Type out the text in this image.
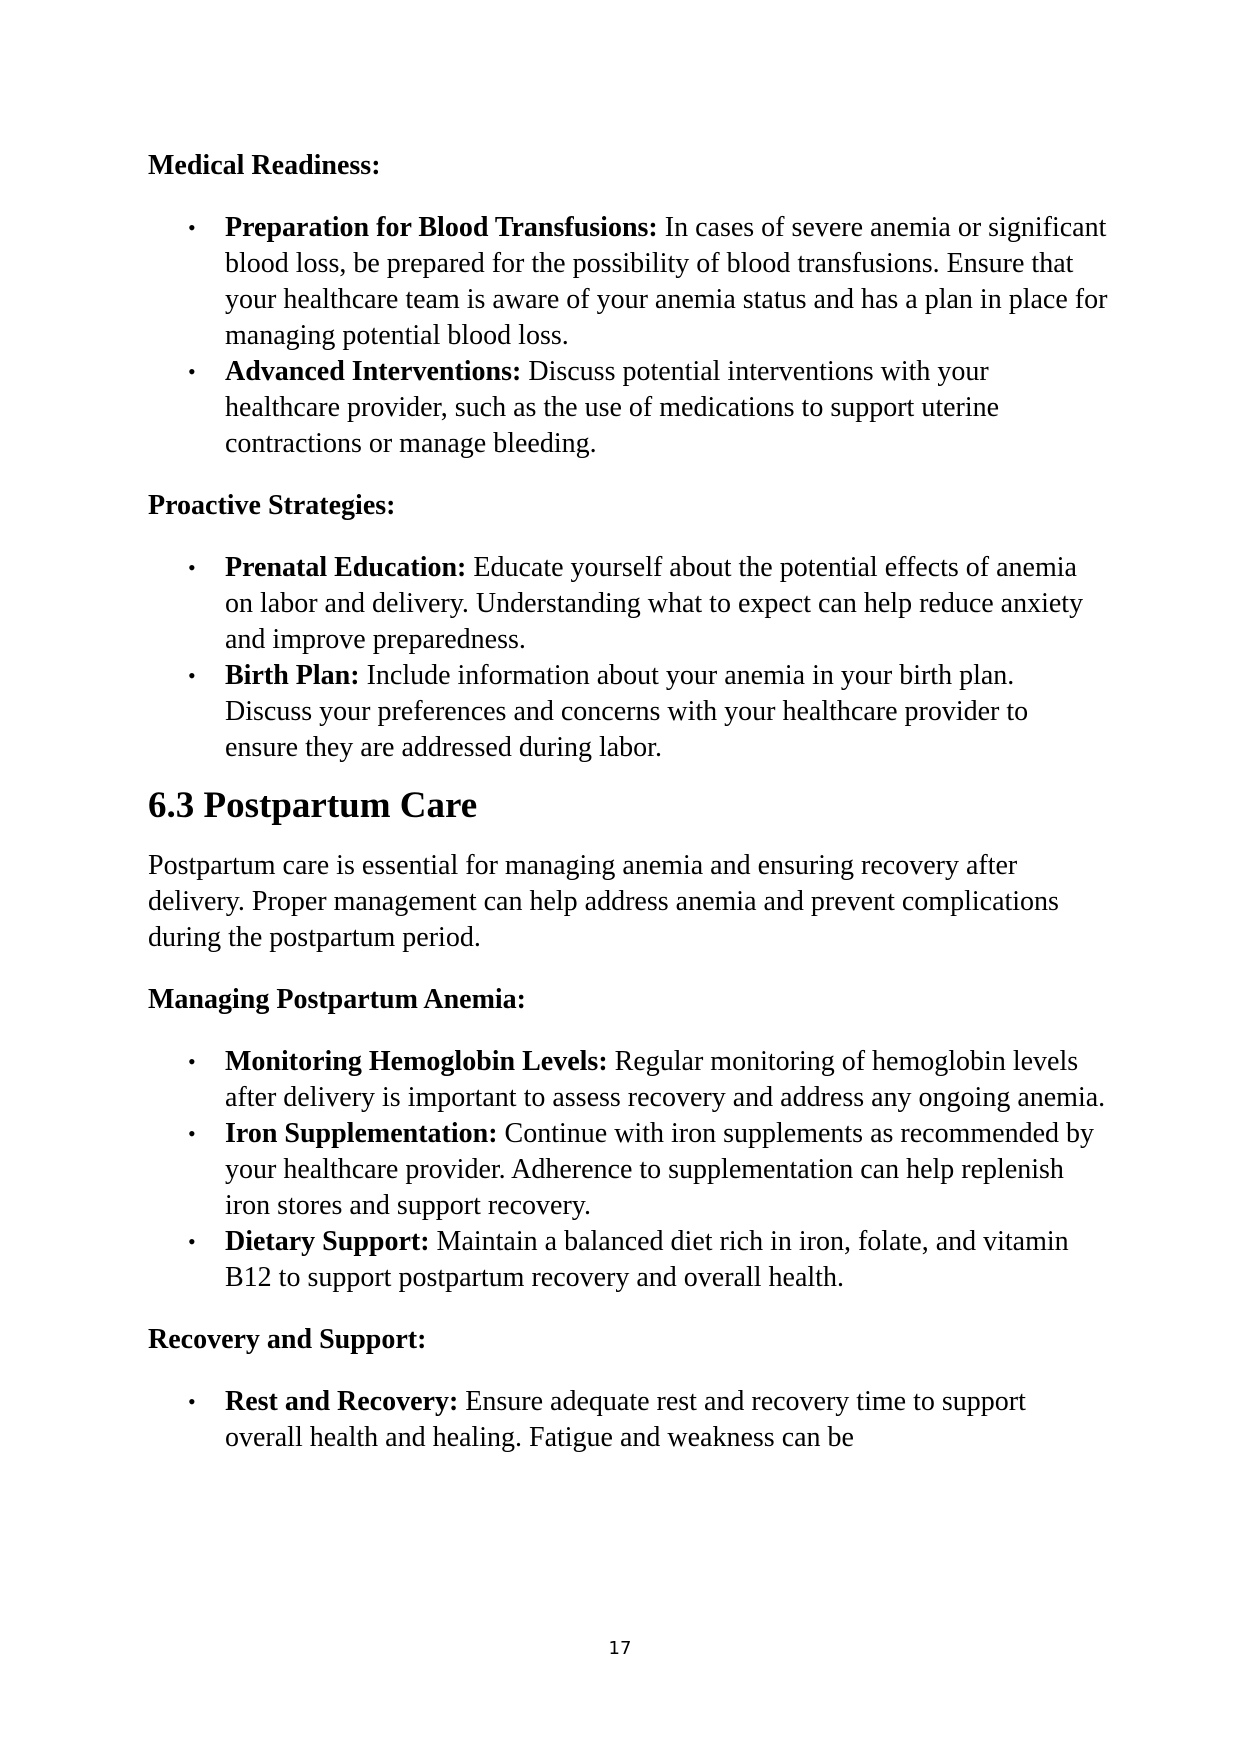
Medical Readiness:

• Preparation for Blood Transfusions: In cases of severe anemia or significant blood loss, be prepared for the possibility of blood transfusions. Ensure that your healthcare team is aware of your anemia status and has a plan in place for managing potential blood loss.
• Advanced Interventions: Discuss potential interventions with your healthcare provider, such as the use of medications to support uterine contractions or manage bleeding.

Proactive Strategies:

• Prenatal Education: Educate yourself about the potential effects of anemia on labor and delivery. Understanding what to expect can help reduce anxiety and improve preparedness.
• Birth Plan: Include information about your anemia in your birth plan. Discuss your preferences and concerns with your healthcare provider to ensure they are addressed during labor.
6.3 Postpartum Care

Postpartum care is essential for managing anemia and ensuring recovery after delivery. Proper management can help address anemia and prevent complications during the postpartum period.

Managing Postpartum Anemia:

• Monitoring Hemoglobin Levels: Regular monitoring of hemoglobin levels after delivery is important to assess recovery and address any ongoing anemia.
• Iron Supplementation: Continue with iron supplements as recommended by your healthcare provider. Adherence to supplementation can help replenish iron stores and support recovery.
• Dietary Support: Maintain a balanced diet rich in iron, folate, and vitamin B12 to support postpartum recovery and overall health.

Recovery and Support:

• Rest and Recovery: Ensure adequate rest and recovery time to support overall health and healing. Fatigue and weakness can be
17
